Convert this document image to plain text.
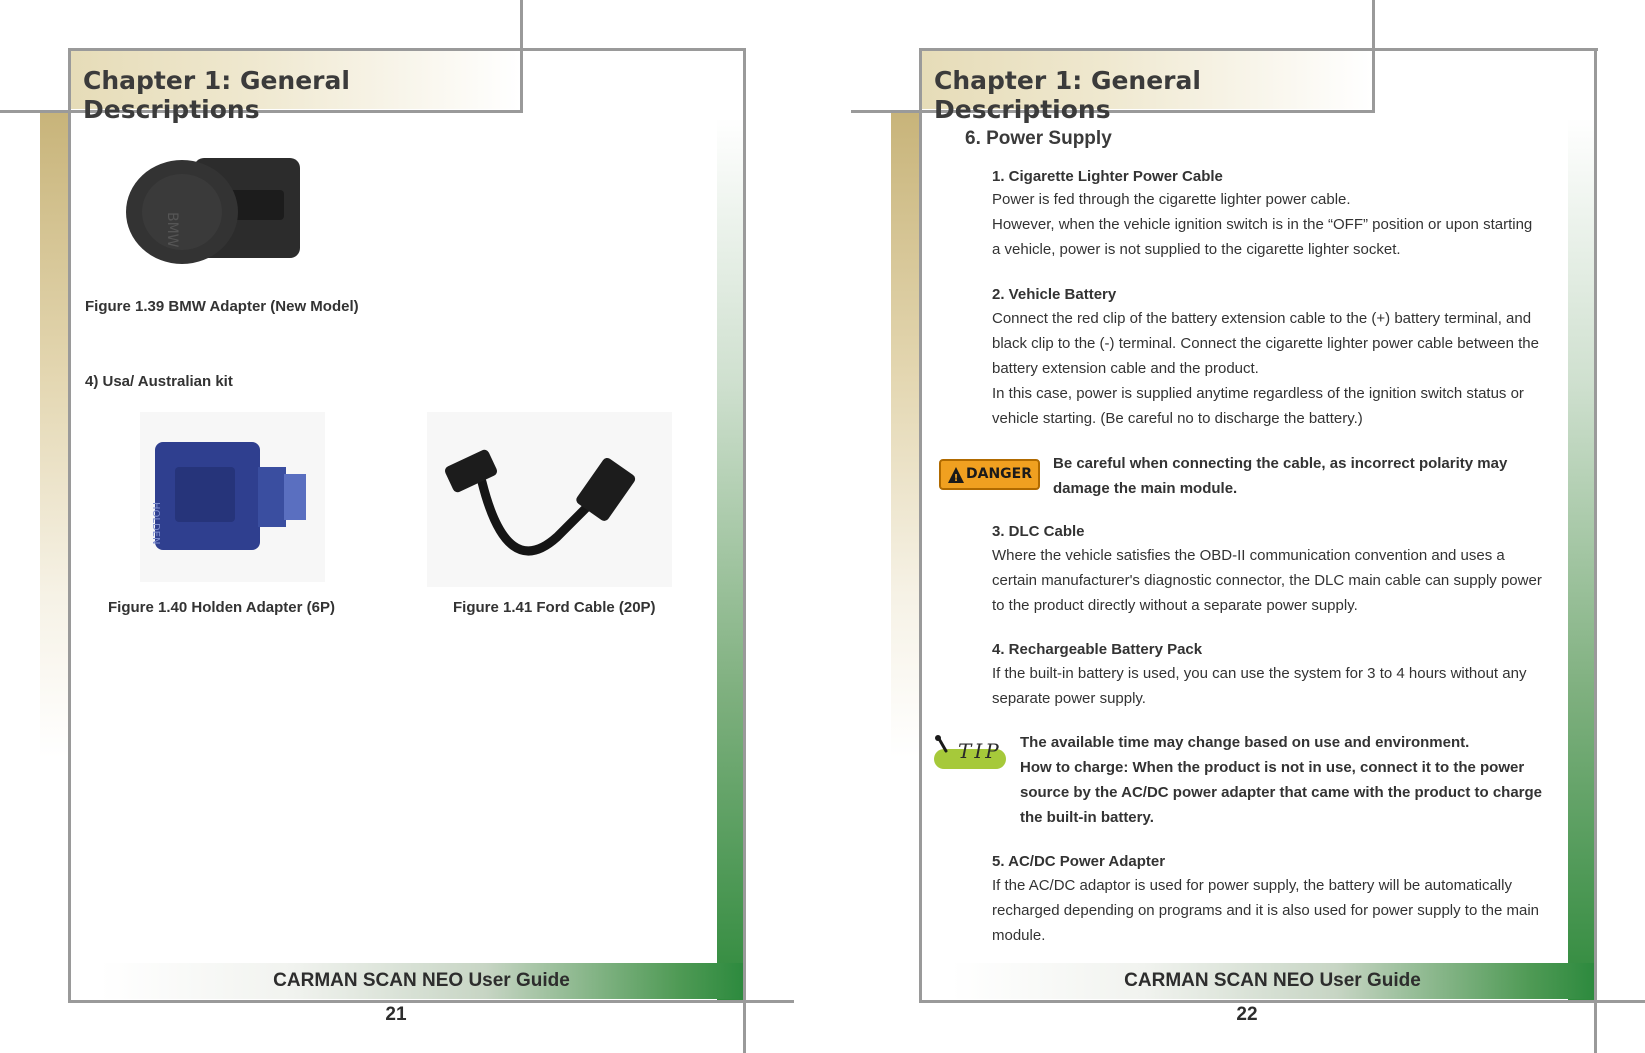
Chapter 1: General Descriptions
BMW
Figure 1.39 BMW Adapter (New Model)
4) Usa/ Australian kit
HOLDEN
Figure 1.40 Holden Adapter (6P)	Figure 1.41 Ford Cable (20P)
CARMAN SCAN NEO User Guide
21
Chapter 1: General Descriptions
6. Power Supply
1. Cigarette Lighter Power Cable
Power is fed through the cigarette lighter power cable.
However, when the vehicle ignition switch is in the “OFF” position or upon starting
a vehicle, power is not supplied to the cigarette lighter socket.
2. Vehicle Battery
Connect the red clip of the battery extension cable to the (+) battery terminal, and
black clip to the (-) terminal. Connect the cigarette lighter power cable between the
battery extension cable and the product.
In this case, power is supplied anytime regardless of the ignition switch status or
vehicle starting. (Be careful no to discharge the battery.)
! DANGER
Be careful when connecting the cable, as incorrect polarity may
damage the main module.
3. DLC Cable
Where the vehicle satisfies the OBD-II communication convention and uses a
certain manufacturer's diagnostic connector, the DLC main cable can supply power
to the product directly without a separate power supply.
4. Rechargeable Battery Pack
If the built-in battery is used, you can use the system for 3 to 4 hours without any
separate power supply.
TIP The available time may change based on use and environment.
How to charge: When the product is not in use, connect it to the power
source by the AC/DC power adapter that came with the product to charge
the built-in battery.
5. AC/DC Power Adapter
If the AC/DC adaptor is used for power supply, the battery will be automatically
recharged depending on programs and it is also used for power supply to the main
module.
CARMAN SCAN NEO User Guide
22
